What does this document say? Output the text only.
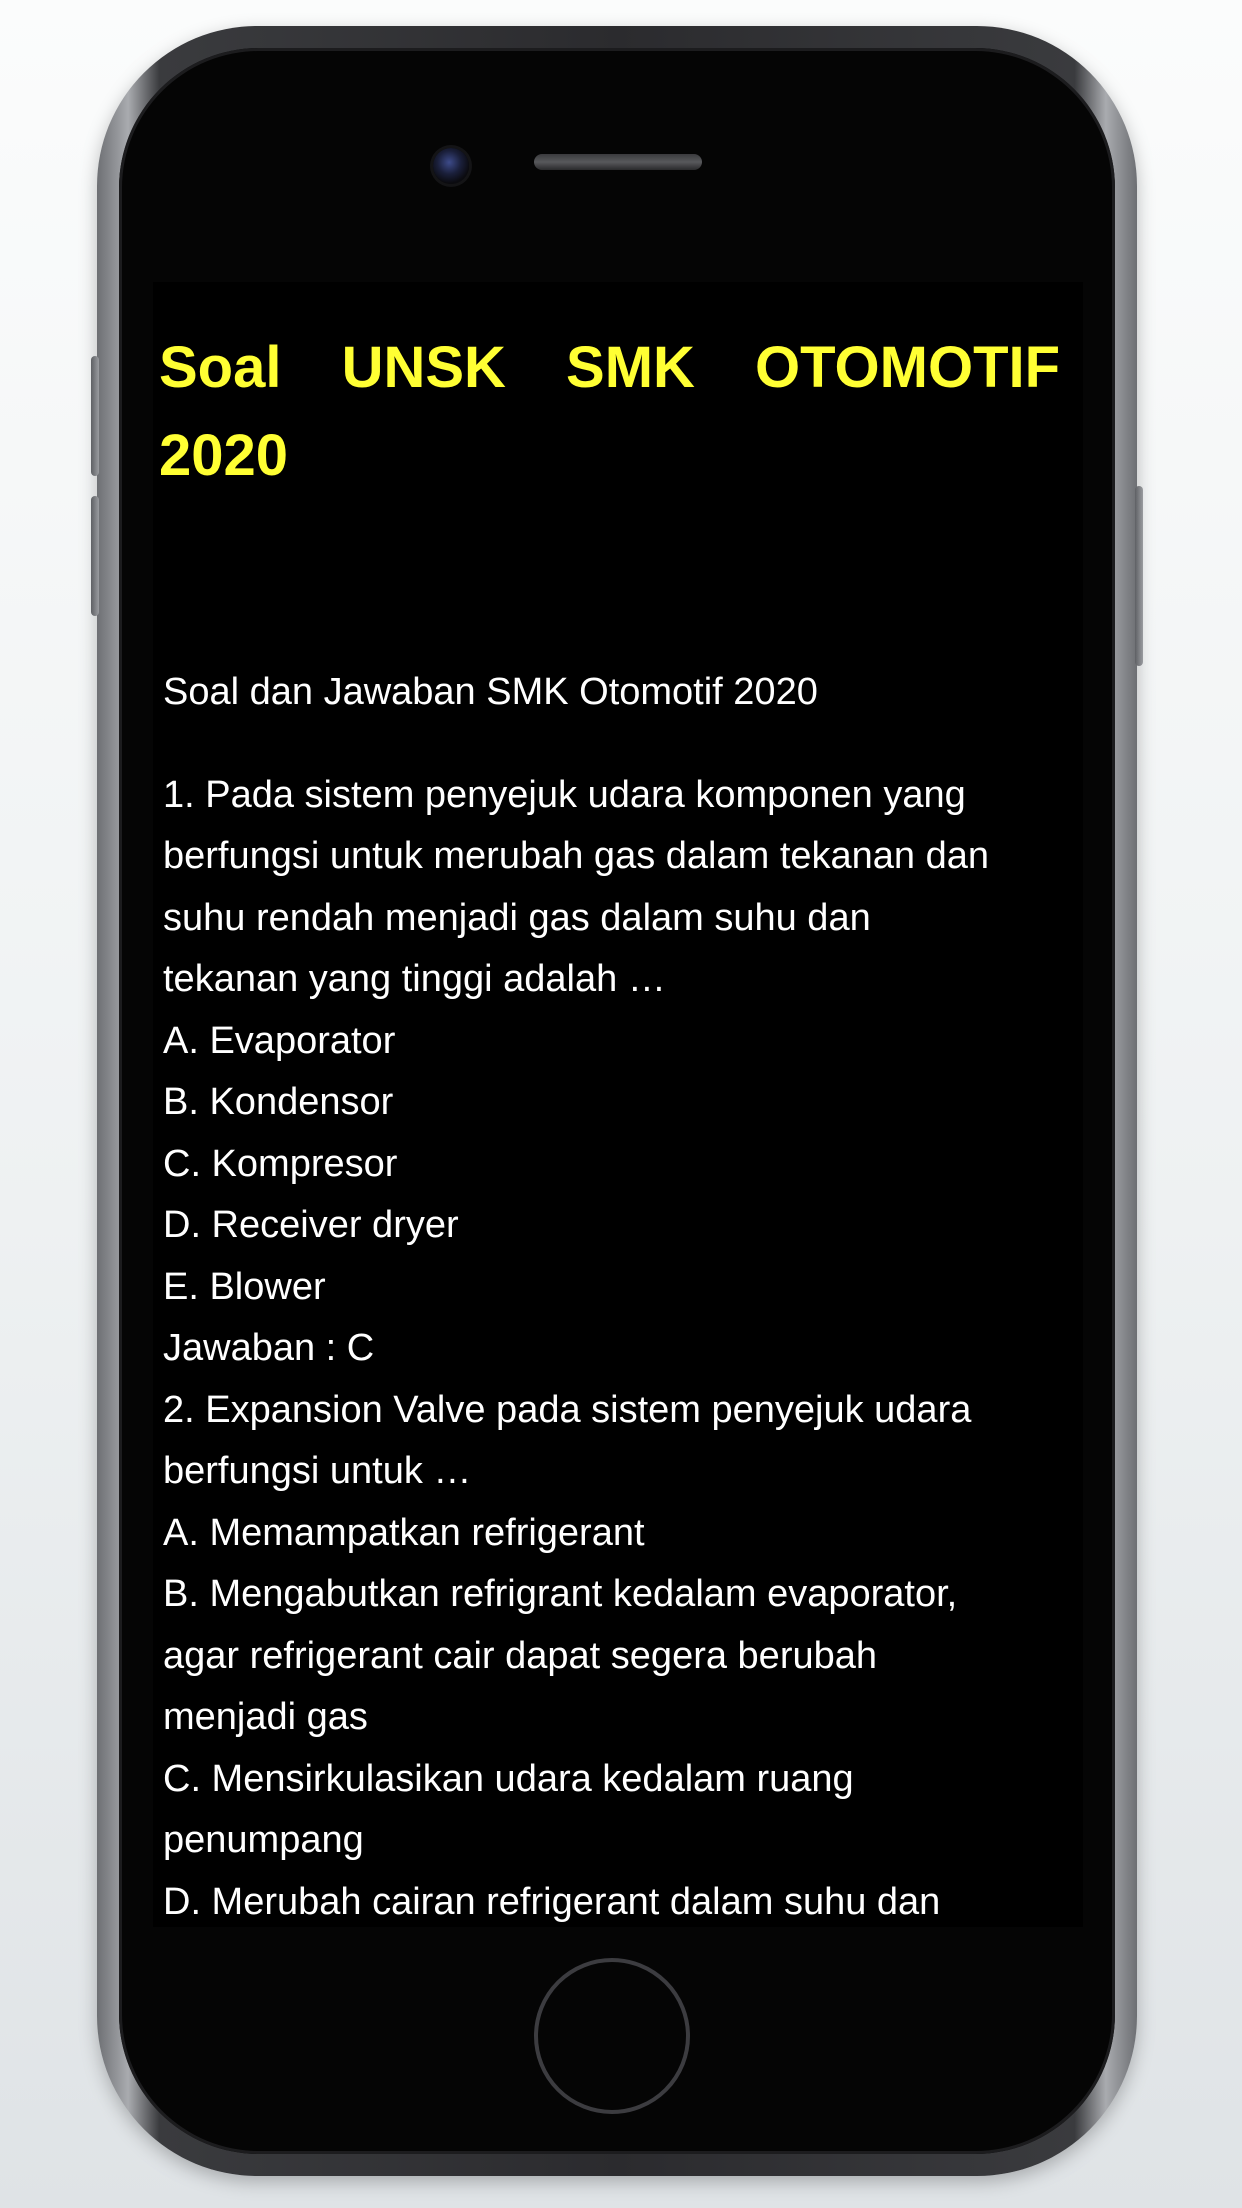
Soal UNSK SMK OTOMOTIF
2020

Soal dan Jawaban SMK Otomotif 2020

1. Pada sistem penyejuk udara komponen yang

berfungsi untuk merubah gas dalam tekanan dan

suhu rendah menjadi gas dalam suhu dan

tekanan yang tinggi adalah …

A. Evaporator

B. Kondensor

C. Kompresor

D. Receiver dryer

E. Blower

Jawaban : C

2. Expansion Valve pada sistem penyejuk udara

berfungsi untuk …

A. Memampatkan refrigerant

B. Mengabutkan refrigrant kedalam evaporator,

agar refrigerant cair dapat segera berubah

menjadi gas

C. Mensirkulasikan udara kedalam ruang

penumpang

D. Merubah cairan refrigerant dalam suhu dan
